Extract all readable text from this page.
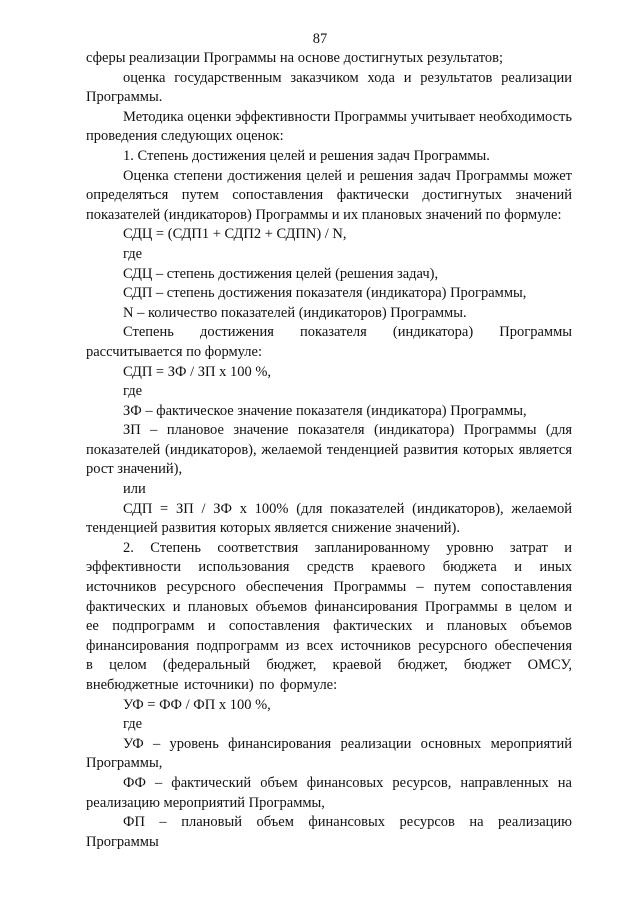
87

сферы реализации Программы на основе достигнутых результатов;

оценка государственным заказчиком хода и результатов реализации Программы.

Методика оценки эффективности Программы учитывает необходимость проведения следующих оценок:

1. Степень достижения целей и решения задач Программы.

Оценка степени достижения целей и решения задач Программы может определяться путем сопоставления фактически достигнутых значений показателей (индикаторов) Программы и их плановых значений по формуле:

СДЦ = (СДП1 + СДП2 + СДПN) / N,

где

СДЦ – степень достижения целей (решения задач),

СДП – степень достижения показателя (индикатора) Программы,

N – количество показателей (индикаторов) Программы.

Степень достижения показателя (индикатора) Программы рассчитывается по формуле:

СДП = ЗФ / ЗП х 100 %,

где

ЗФ – фактическое значение показателя (индикатора) Программы,

ЗП – плановое значение показателя (индикатора) Программы (для показателей (индикаторов), желаемой тенденцией развития которых является рост значений),

или

СДП = ЗП / ЗФ х 100% (для показателей (индикаторов), желаемой тенденцией развития которых является снижение значений).

2. Степень соответствия запланированному уровню затрат и эффективности использования средств краевого бюджета и иных источников ресурсного обеспечения Программы – путем сопоставления фактических и плановых объемов финансирования Программы в целом и ее подпрограмм и сопоставления фактических и плановых объемов финансирования подпрограмм из всех источников ресурсного обеспечения в целом (федеральный бюджет, краевой бюджет, бюджет ОМСУ, внебюджетные источники) по формуле:

УФ = ФФ / ФП х 100 %,

где

УФ – уровень финансирования реализации основных мероприятий Программы,

ФФ – фактический объем финансовых ресурсов, направленных на реализацию мероприятий Программы,

ФП – плановый объем финансовых ресурсов на реализацию Программы
